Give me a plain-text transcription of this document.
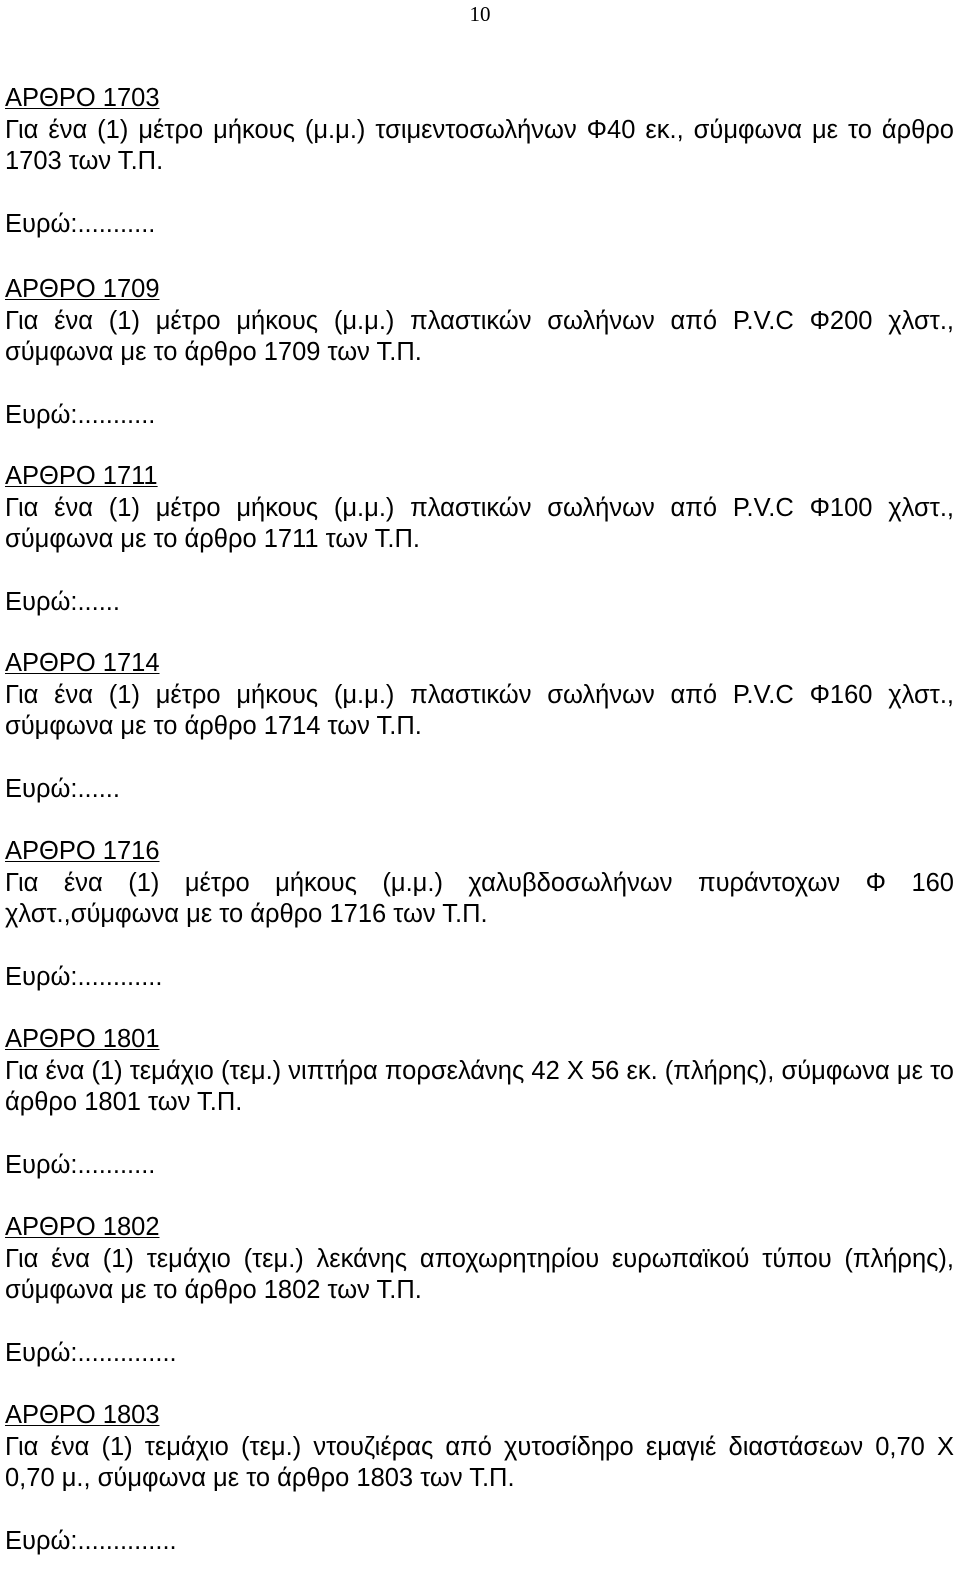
10
ΑΡΘΡΟ 1703
Για ένα (1) μέτρο μήκους (μ.μ.) τσιμεντοσωλήνων Φ40 εκ., σύμφωνα με το άρθρο 1703 των Τ.Π.
Ευρώ:...........
ΑΡΘΡΟ 1709
Για ένα (1) μέτρο μήκους (μ.μ.) πλαστικών σωλήνων από P.V.C Φ200 χλστ., σύμφωνα με το άρθρο 1709 των Τ.Π.
Ευρώ:...........
ΑΡΘΡΟ 1711
Για ένα (1) μέτρο μήκους (μ.μ.) πλαστικών σωλήνων από P.V.C Φ100 χλστ., σύμφωνα με το άρθρο 1711 των Τ.Π.
Ευρώ:......
ΑΡΘΡΟ 1714
Για ένα (1) μέτρο μήκους (μ.μ.) πλαστικών σωλήνων από P.V.C Φ160 χλστ., σύμφωνα με το άρθρο 1714 των Τ.Π.
Ευρώ:......
ΑΡΘΡΟ 1716
Για ένα (1) μέτρο μήκους (μ.μ.) χαλυβδοσωλήνων πυράντοχων Φ 160 χλστ.,σύμφωνα με το άρθρο 1716 των Τ.Π.
Ευρώ:............
ΑΡΘΡΟ 1801
Για ένα (1) τεμάχιο (τεμ.) νιπτήρα πορσελάνης 42 Χ 56 εκ. (πλήρης), σύμφωνα με το άρθρο 1801 των Τ.Π.
Ευρώ:...........
ΑΡΘΡΟ 1802
Για ένα (1) τεμάχιο (τεμ.) λεκάνης αποχωρητηρίου ευρωπαϊκού τύπου (πλήρης), σύμφωνα με το άρθρο 1802 των Τ.Π.
Ευρώ:..............
ΑΡΘΡΟ 1803
Για ένα (1) τεμάχιο (τεμ.) ντουζιέρας από χυτοσίδηρο εμαγιέ διαστάσεων 0,70 Χ 0,70 μ., σύμφωνα με το άρθρο 1803 των Τ.Π.
Ευρώ:..............
